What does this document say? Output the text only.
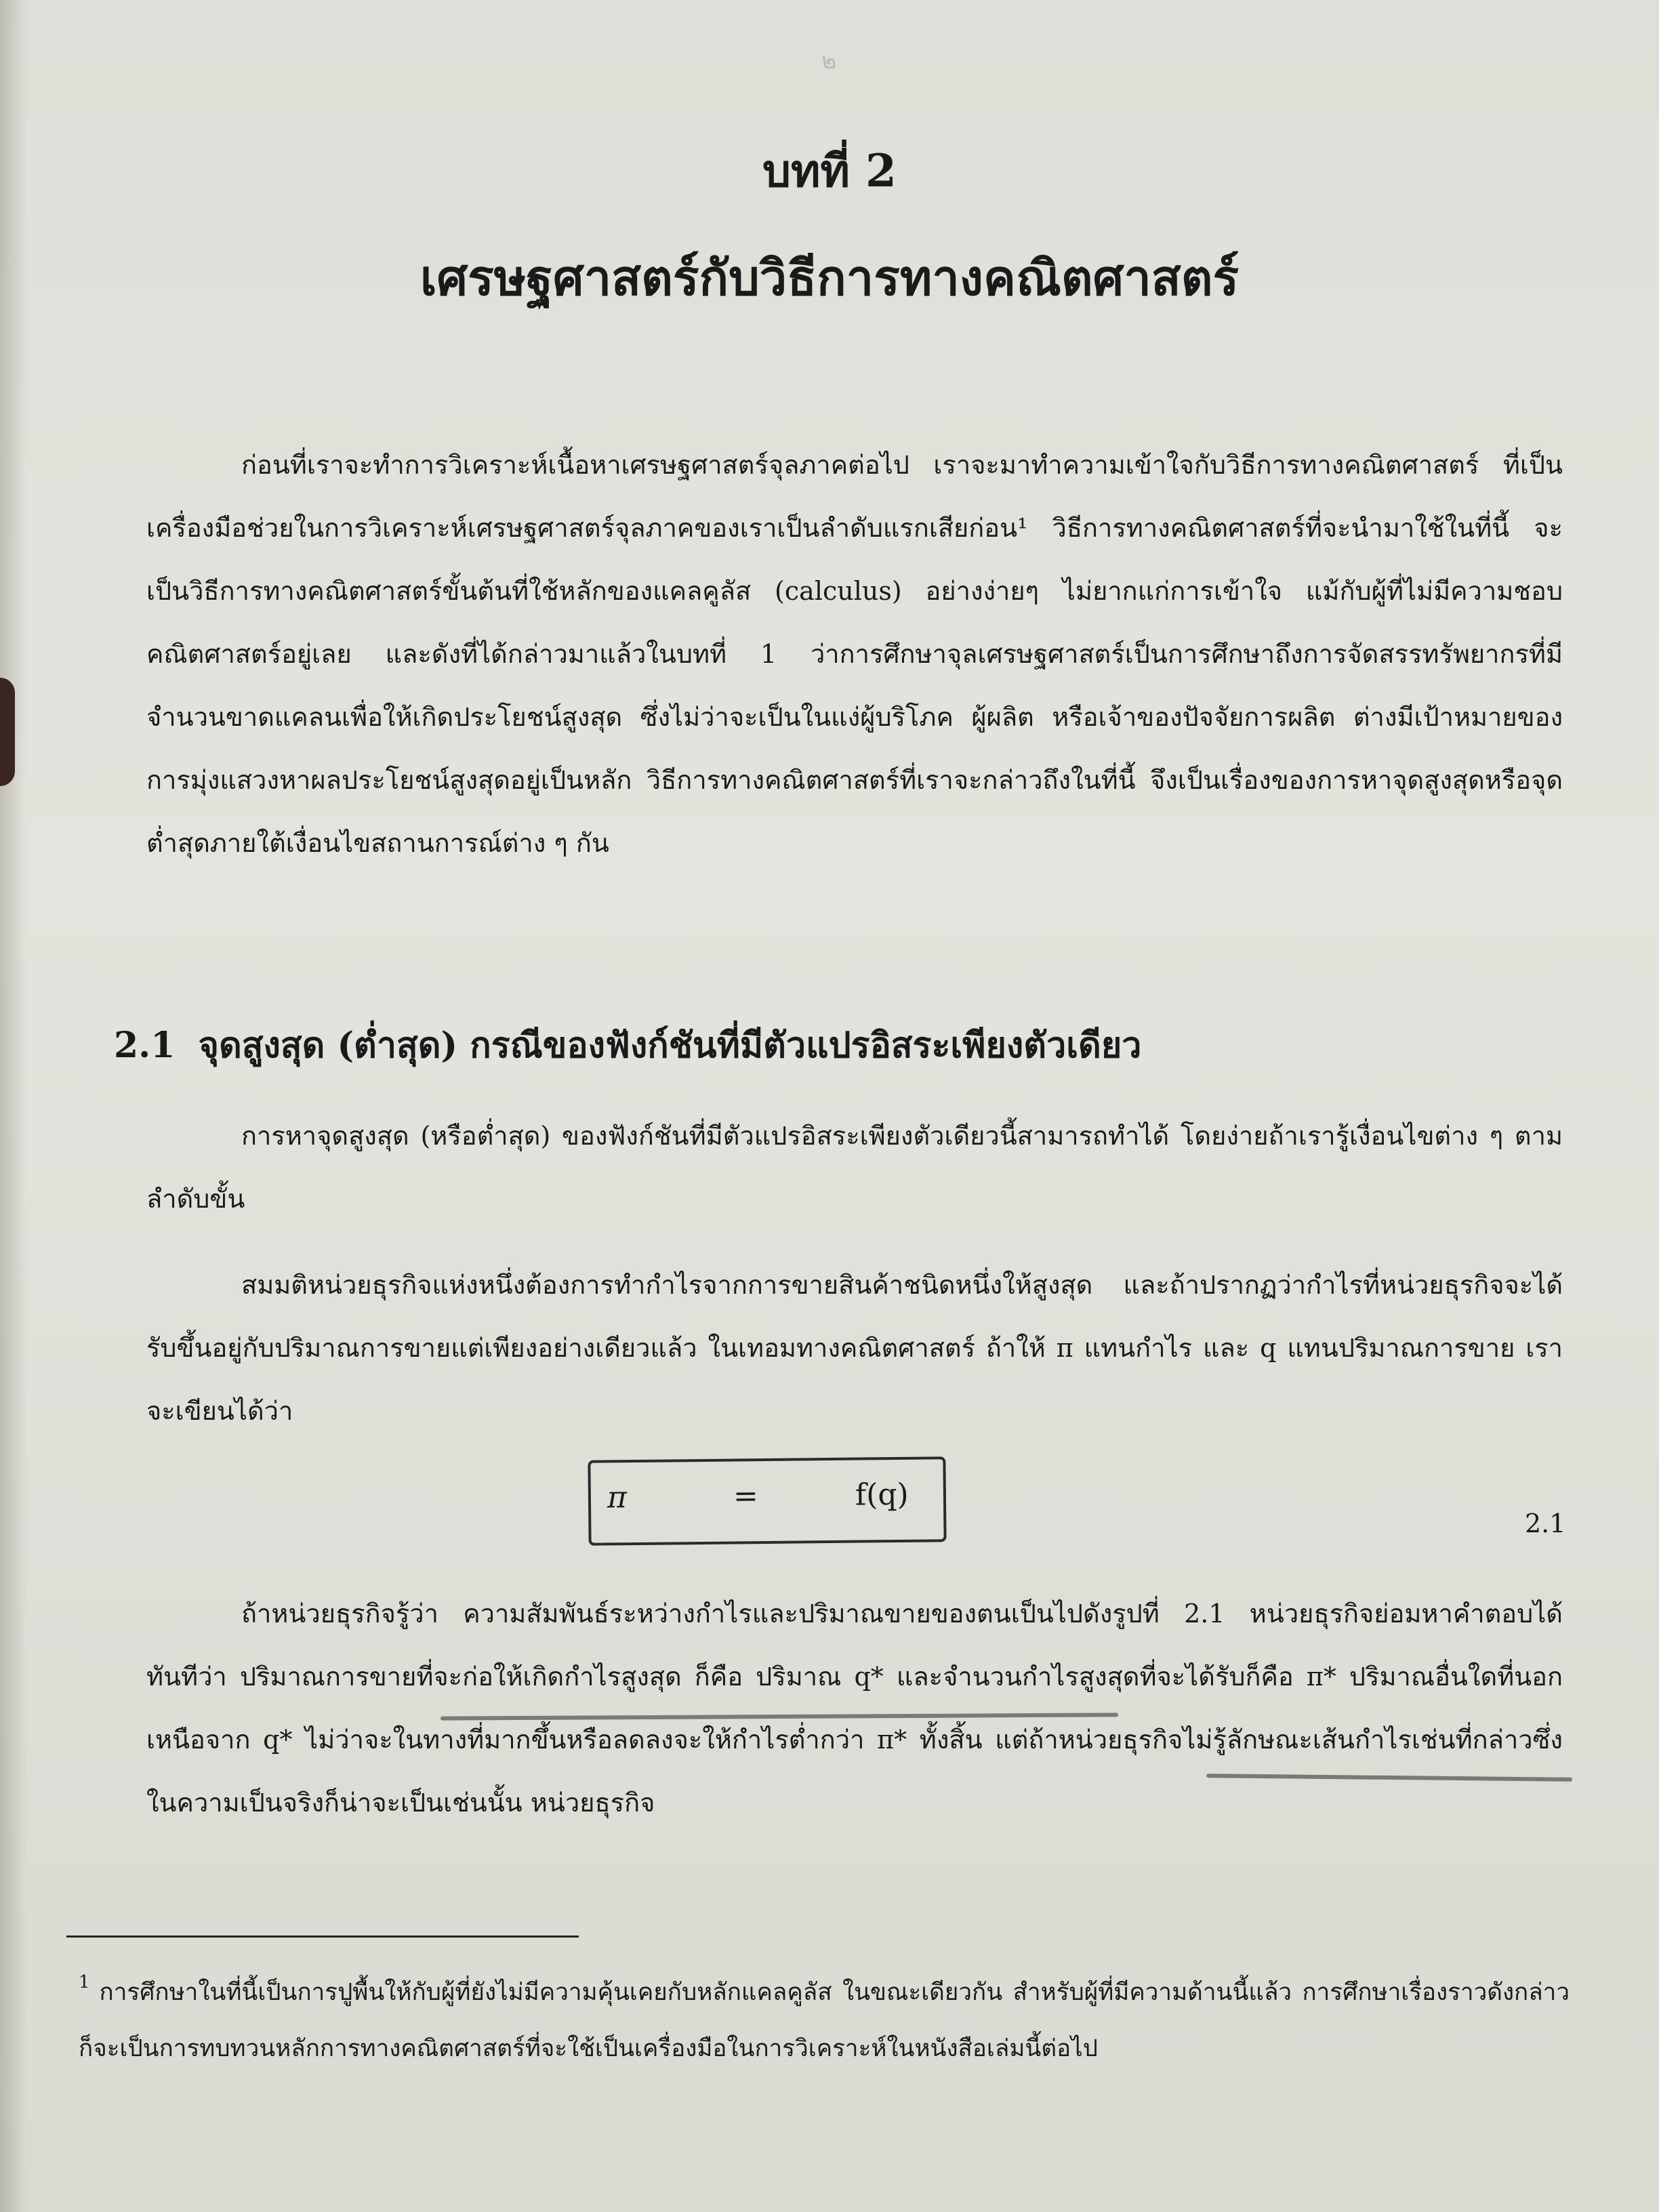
๒
บทที่ 2
เศรษฐศาสตร์กับวิธีการทางคณิตศาสตร์

ก่อนที่เราจะทำการวิเคราะห์เนื้อหาเศรษฐศาสตร์จุลภาคต่อไป เราจะมาทำความเข้าใจกับวิธีการทางคณิตศาสตร์ ที่เป็นเครื่องมือช่วยในการวิเคราะห์เศรษฐศาสตร์จุลภาคของเราเป็นลำดับแรกเสียก่อน¹ วิธีการทางคณิตศาสตร์ที่จะนำมาใช้ในที่นี้ จะเป็นวิธีการทางคณิตศาสตร์ขั้นต้นที่ใช้หลักของแคลคูลัส (calculus) อย่างง่ายๆ ไม่ยากแก่การเข้าใจ แม้กับผู้ที่ไม่มีความชอบคณิตศาสตร์อยู่เลย และดังที่ได้กล่าวมาแล้วในบทที่ 1 ว่าการศึกษาจุลเศรษฐศาสตร์เป็นการศึกษาถึงการจัดสรรทรัพยากรที่มีจำนวนขาดแคลนเพื่อให้เกิดประโยชน์สูงสุด ซึ่งไม่ว่าจะเป็นในแง่ผู้บริโภค ผู้ผลิต หรือเจ้าของปัจจัยการผลิต ต่างมีเป้าหมายของการมุ่งแสวงหาผลประโยชน์สูงสุดอยู่เป็นหลัก วิธีการทางคณิตศาสตร์ที่เราจะกล่าวถึงในที่นี้ จึงเป็นเรื่องของการหาจุดสูงสุดหรือจุดต่ำสุดภายใต้เงื่อนไขสถานการณ์ต่าง ๆ กัน

2.1 จุดสูงสุด (ต่ำสุด) กรณีของฟังก์ชันที่มีตัวแปรอิสระเพียงตัวเดียว

การหาจุดสูงสุด (หรือต่ำสุด) ของฟังก์ชันที่มีตัวแปรอิสระเพียงตัวเดียวนี้สามารถทำได้ โดยง่ายถ้าเรารู้เงื่อนไขต่าง ๆ ตามลำดับขั้น

สมมติหน่วยธุรกิจแห่งหนึ่งต้องการทำกำไรจากการขายสินค้าชนิดหนึ่งให้สูงสุด และถ้าปรากฏว่ากำไรที่หน่วยธุรกิจจะได้รับขึ้นอยู่กับปริมาณการขายแต่เพียงอย่างเดียวแล้ว ในเทอมทางคณิตศาสตร์ ถ้าให้ π แทนกำไร และ q แทนปริมาณการขาย เราจะเขียนได้ว่า

π	=	f(q)
2.1

ถ้าหน่วยธุรกิจรู้ว่า ความสัมพันธ์ระหว่างกำไรและปริมาณขายของตนเป็นไปดังรูปที่ 2.1 หน่วยธุรกิจย่อมหาคำตอบได้ทันทีว่า ปริมาณการขายที่จะก่อให้เกิดกำไรสูงสุด ก็คือ ปริมาณ q* และจำนวนกำไรสูงสุดที่จะได้รับก็คือ π* ปริมาณอื่นใดที่นอกเหนือจาก q* ไม่ว่าจะในทางที่มากขึ้นหรือลดลงจะให้กำไรต่ำกว่า π* ทั้งสิ้น แต่ถ้าหน่วยธุรกิจไม่รู้ลักษณะเส้นกำไรเช่นที่กล่าวซึ่งในความเป็นจริงก็น่าจะเป็นเช่นนั้น หน่วยธุรกิจ

$^1$ การศึกษาในที่นี้เป็นการปูพื้นให้กับผู้ที่ยังไม่มีความคุ้นเคยกับหลักแคลคูลัส ในขณะเดียวกัน สำหรับผู้ที่มีความด้านนี้แล้ว การศึกษาเรื่องราวดังกล่าวก็จะเป็นการทบทวนหลักการทางคณิตศาสตร์ที่จะใช้เป็นเครื่องมือในการวิเคราะห์ในหนังสือเล่มนี้ต่อไป
